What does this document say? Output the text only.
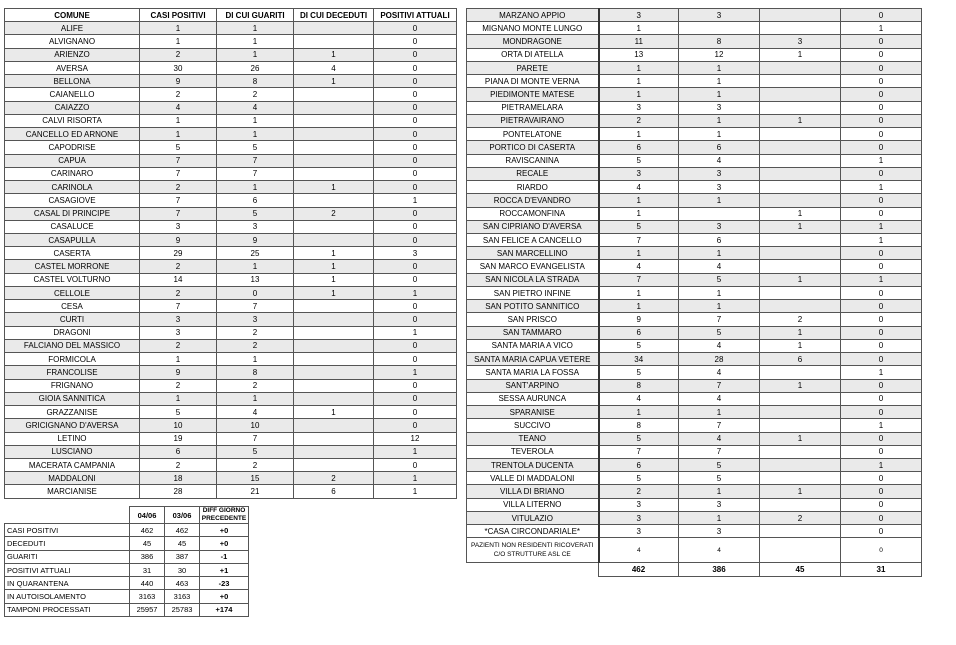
COMUNE	CASI POSITIVI	DI CUI GUARITI	DI CUI DECEDUTI	POSITIVI ATTUALI
ALIFE	1	1		0
ALVIGNANO	1	1		0
ARIENZO	2	1	1	0
AVERSA	30	26	4	0
BELLONA	9	8	1	0
CAIANELLO	2	2		0
CAIAZZO	4	4		0
CALVI RISORTA	1	1		0
CANCELLO ED ARNONE	1	1		0
CAPODRISE	5	5		0
CAPUA	7	7		0
CARINARO	7	7		0
CARINOLA	2	1	1	0
CASAGIOVE	7	6		1
CASAL DI PRINCIPE	7	5	2	0
CASALUCE	3	3		0
CASAPULLA	9	9		0
CASERTA	29	25	1	3
CASTEL MORRONE	2	1	1	0
CASTEL VOLTURNO	14	13	1	0
CELLOLE	2	0	1	1
CESA	7	7		0
CURTI	3	3		0
DRAGONI	3	2		1
FALCIANO DEL MASSICO	2	2		0
FORMICOLA	1	1		0
FRANCOLISE	9	8		1
FRIGNANO	2	2		0
GIOIA SANNITICA	1	1		0
GRAZZANISE	5	4	1	0
GRICIGNANO D'AVERSA	10	10		0
LETINO	19	7		12
LUSCIANO	6	5		1
MACERATA CAMPANIA	2	2		0
MADDALONI	18	15	2	1
MARCIANISE	28	21	6	1
MARZANO APPIO	3	3		0
MIGNANO MONTE LUNGO	1			1
MONDRAGONE	11	8	3	0
ORTA DI ATELLA	13	12	1	0
PARETE	1	1		0
PIANA DI MONTE VERNA	1	1		0
PIEDIMONTE MATESE	1	1		0
PIETRAMELARA	3	3		0
PIETRAVAIRANO	2	1	1	0
PONTELATONE	1	1		0
PORTICO DI CASERTA	6	6		0
RAVISCANINA	5	4		1
RECALE	3	3		0
RIARDO	4	3		1
ROCCA D'EVANDRO	1	1		0
ROCCAMONFINA	1		1	0
SAN CIPRIANO D'AVERSA	5	3	1	1
SAN FELICE A CANCELLO	7	6		1
SAN MARCELLINO	1	1		0
SAN MARCO EVANGELISTA	4	4		0
SAN NICOLA LA STRADA	7	5	1	1
SAN PIETRO INFINE	1	1		0
SAN POTITO SANNITICO	1	1		0
SAN PRISCO	9	7	2	0
SAN TAMMARO	6	5	1	0
SANTA MARIA A VICO	5	4	1	0
SANTA MARIA CAPUA VETERE	34	28	6	0
SANTA MARIA LA FOSSA	5	4		1
SANT'ARPINO	8	7	1	0
SESSA AURUNCA	4	4		0
SPARANISE	1	1		0
SUCCIVO	8	7		1
TEANO	5	4	1	0
TEVEROLA	7	7		0
TRENTOLA DUCENTA	6	5		1
VALLE DI MADDALONI	5	5		0
VILLA DI BRIANO	2	1	1	0
VILLA LITERNO	3	3		0
VITULAZIO	3	1	2	0
*CASA CIRCONDARIALE*	3	3		0
PAZIENTI NON RESIDENTI RICOVERATI C/O STRUTTURE ASL CE	4	4		0
	462	386	45	31
	04/06	03/06	DIFF GIORNO PRECEDENTE
CASI POSITIVI	462	462	+0
DECEDUTI	45	45	+0
GUARITI	386	387	-1
POSITIVI ATTUALI	31	30	+1
IN QUARANTENA	440	463	-23
IN AUTOISOLAMENTO	3163	3163	+0
TAMPONI PROCESSATI	25957	25783	+174
